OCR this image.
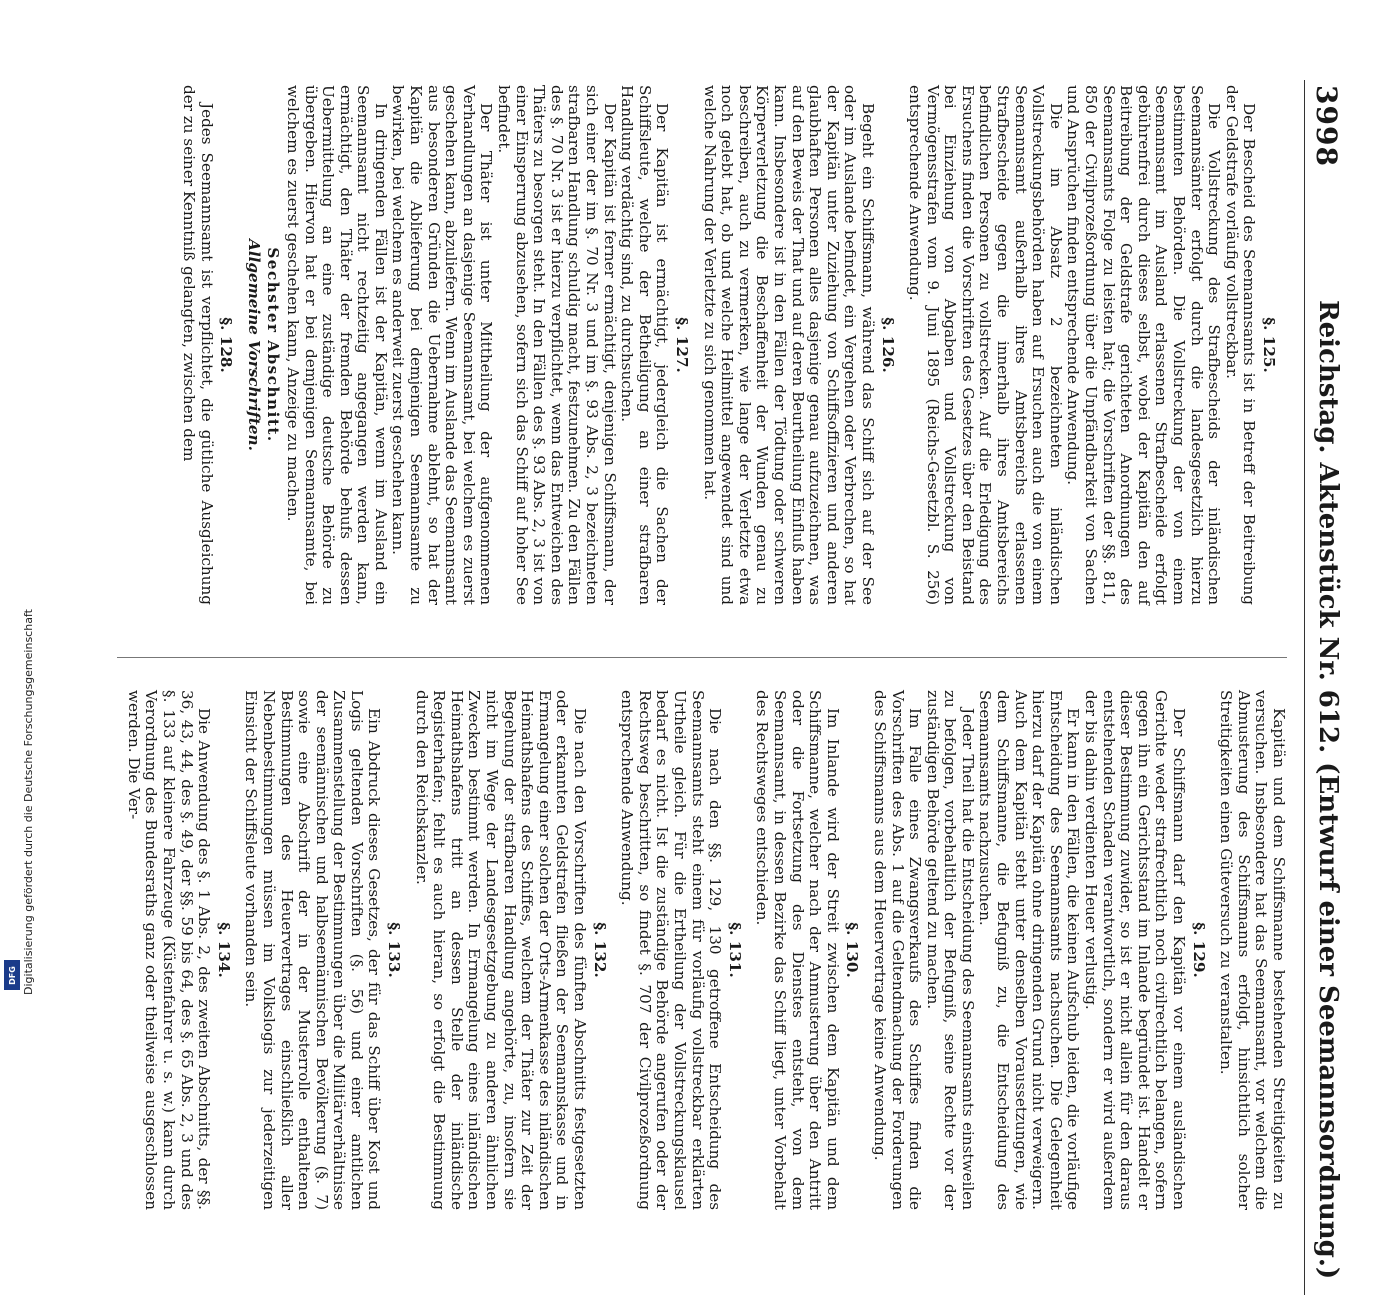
Digitalisierung gefördert durch die Deutsche Forschungsgemeinschaft
DFG
3998
Reichstag. Aktenstück Nr. 612. (Entwurf einer Seemannsordnung.)

§. 125.

Der Bescheid des Seemannsamts ist in Betreff der Beitreibung der Geldstrafe vorläufig vollstreckbar.

Die Vollstreckung des Strafbescheids der inländischen Seemannsämter erfolgt durch die landesgesetzlich hierzu bestimmten Behörden. Die Vollstreckung der von einem Seemannsamt im Ausland erlassenen Strafbescheide erfolgt gebührenfrei durch dieses selbst, wobei der Kapitän den auf Beitreibung der Geldstrafe gerichteten Anordnungen des Seemannsamts Folge zu leisten hat; die Vorschriften der §§. 811, 850 der Civilprozeßordnung über die Unpfändbarkeit von Sachen und Ansprüchen finden entsprechende Anwendung.

Die im Absatz 2 bezeichneten inländischen Vollstreckungsbehörden haben auf Ersuchen auch die von einem Seemannsamt außerhalb ihres Amtsbereichs erlassenen Strafbescheide gegen die innerhalb ihres Amtsbereichs befindlichen Personen zu vollstrecken. Auf die Erledigung des Ersuchens finden die Vorschriften des Gesetzes über den Beistand bei Einziehung von Abgaben und Vollstreckung von Vermögensstrafen vom 9. Juni 1895 (Reichs-Gesetzbl. S. 256) entsprechende Anwendung.

§. 126.

Begeht ein Schiffsmann, während das Schiff sich auf der See oder im Auslande befindet, ein Vergehen oder Verbrechen, so hat der Kapitän unter Zuziehung von Schiffsoffizieren und anderen glaubhaften Personen alles dasjenige genau aufzuzeichnen, was auf den Beweis der That und auf deren Beurtheilung Einfluß haben kann. Insbesondere ist in den Fällen der Tödtung oder schweren Körperverletzung die Beschaffenheit der Wunden genau zu beschreiben, auch zu vermerken, wie lange der Verletzte etwa noch gelebt hat, ob und welche Heilmittel angewendet sind und welche Nahrung der Verletzte zu sich genommen hat.

§. 127.

Der Kapitän ist ermächtigt, jedergleich die Sachen der Schiffsleute, welche der Betheiligung an einer strafbaren Handlung verdächtig sind, zu durchsuchen.

Der Kapitän ist ferner ermächtigt, denjenigen Schiffsmann, der sich einer der im §. 70 Nr. 3 und im §. 93 Abs. 2, 3 bezeichneten strafbaren Handlung schuldig macht, festzunehmen. Zu den Fällen des §. 70 Nr. 3 ist er hierzu verpflichtet, wenn das Entweichen des Thäters zu besorgen steht. In den Fällen des §. 93 Abs. 2, 3 ist von einer Einsperrung abzusehen, sofern sich das Schiff auf hoher See befindet.

Der Thäter ist unter Mittheilung der aufgenommenen Verhandlungen an dasjenige Seemannsamt, bei welchem es zuerst geschehen kann, abzuliefern. Wenn im Auslande das Seemannsamt aus besonderen Gründen die Uebernahme ablehnt, so hat der Kapitän die Ablieferung bei demjenigen Seemannsamte zu bewirken, bei welchem es anderweit zuerst geschehen kann.

In dringenden Fällen ist der Kapitän, wenn im Ausland ein Seemannsamt nicht rechtzeitig angegangen werden kann, ermächtigt, den Thäter der fremden Behörde behufs dessen Uebermittelung an eine zuständige deutsche Behörde zu übergeben. Hiervon hat er bei demjenigen Seemannsamte, bei welchem es zuerst geschehen kann, Anzeige zu machen.

Sechster Abschnitt.

Allgemeine Vorschriften.

§. 128.

Jedes Seemannsamt ist verpflichtet, die gütliche Ausgleichung der zu seiner Kenntniß gelangten, zwischen dem

Kapitän und dem Schiffsmanne bestehenden Streitigkeiten zu versuchen. Insbesondere hat das Seemannsamt, vor welchem die Abmusterung des Schiffsmanns erfolgt, hinsichtlich solcher Streitigkeiten einen Güteversuch zu veranstalten.

§. 129.

Der Schiffsmann darf den Kapitän vor einem ausländischen Gerichte weder strafrechtlich noch civilrechtlich belangen, sofern gegen ihn ein Gerichtsstand im Inlande begründet ist. Handelt er dieser Bestimmung zuwider, so ist er nicht allein für den daraus entstehenden Schaden verantwortlich, sondern er wird außerdem der bis dahin verdienten Heuer verlustig.

Er kann in den Fällen, die keinen Aufschub leiden, die vorläufige Entscheidung des Seemannsamts nachsuchen. Die Gelegenheit hierzu darf der Kapitän ohne dringenden Grund nicht verweigern. Auch dem Kapitän steht unter denselben Voraussetzungen, wie dem Schiffsmanne, die Befugniß zu, die Entscheidung des Seemannsamts nachzusuchen.

Jeder Theil hat die Entscheidung des Seemannsamts einstweilen zu befolgen, vorbehaltlich der Befugniß, seine Rechte vor der zuständigen Behörde geltend zu machen.

Im Falle eines Zwangsverkaufs des Schiffes finden die Vorschriften des Abs. 1 auf die Geltendmachung der Forderungen des Schiffsmanns aus dem Heuervertrage keine Anwendung.

§. 130.

Im Inlande wird der Streit zwischen dem Kapitän und dem Schiffsmanne, welcher nach der Anmusterung über den Antritt oder die Fortsetzung des Dienstes entsteht, von dem Seemannsamt, in dessen Bezirke das Schiff liegt, unter Vorbehalt des Rechtsweges entschieden.

§. 131.

Die nach den §§. 129, 130 getroffene Entscheidung des Seemannsamts steht einem für vorläufig vollstreckbar erklärten Urtheile gleich. Für die Ertheilung der Vollstreckungsklausel bedarf es nicht. Ist die zuständige Behörde angerufen oder der Rechtsweg beschritten, so findet §. 707 der Civilprozeßordnung entsprechende Anwendung.

§. 132.

Die nach den Vorschriften des fünften Abschnitts festgesetzten oder erkannten Geldstrafen fließen der Seemannskasse und in Ermangelung einer solchen der Orts-Armenkasse des inländischen Heimathshafens des Schiffes, welchem der Thäter zur Zeit der Begehung der strafbaren Handlung angehörte, zu, insofern sie nicht im Wege der Landesgesetzgebung zu anderen ähnlichen Zwecken bestimmt werden. In Ermangelung eines inländischen Heimathshafens tritt an dessen Stelle der inländische Registerhafen; fehlt es auch hieran, so erfolgt die Bestimmung durch den Reichskanzler.

§. 133.

Ein Abdruck dieses Gesetzes, der für das Schiff über Kost und Logis geltenden Vorschriften (§. 56) und einer amtlichen Zusammenstellung der Bestimmungen über die Militärverhältnisse der seemännischen und halbseemännischen Bevölkerung (§. 7) sowie eine Abschrift der in der Musterrolle enthaltenen Bestimmungen des Heuervertrages einschließlich aller Nebenbestimmungen müssen im Volkslogis zur jederzeitigen Einsicht der Schiffsleute vorhanden sein.

§. 134.

Die Anwendung des §. 1 Abs. 2, des zweiten Abschnitts, der §§. 36, 43, 44, des §. 49, der §§. 59 bis 64, des §. 65 Abs. 2, 3 und des §. 133 auf kleinere Fahrzeuge (Küstenfahrer u. s. w.) kann durch Verordnung des Bundesraths ganz oder theilweise ausgeschlossen werden. Die Ver-
